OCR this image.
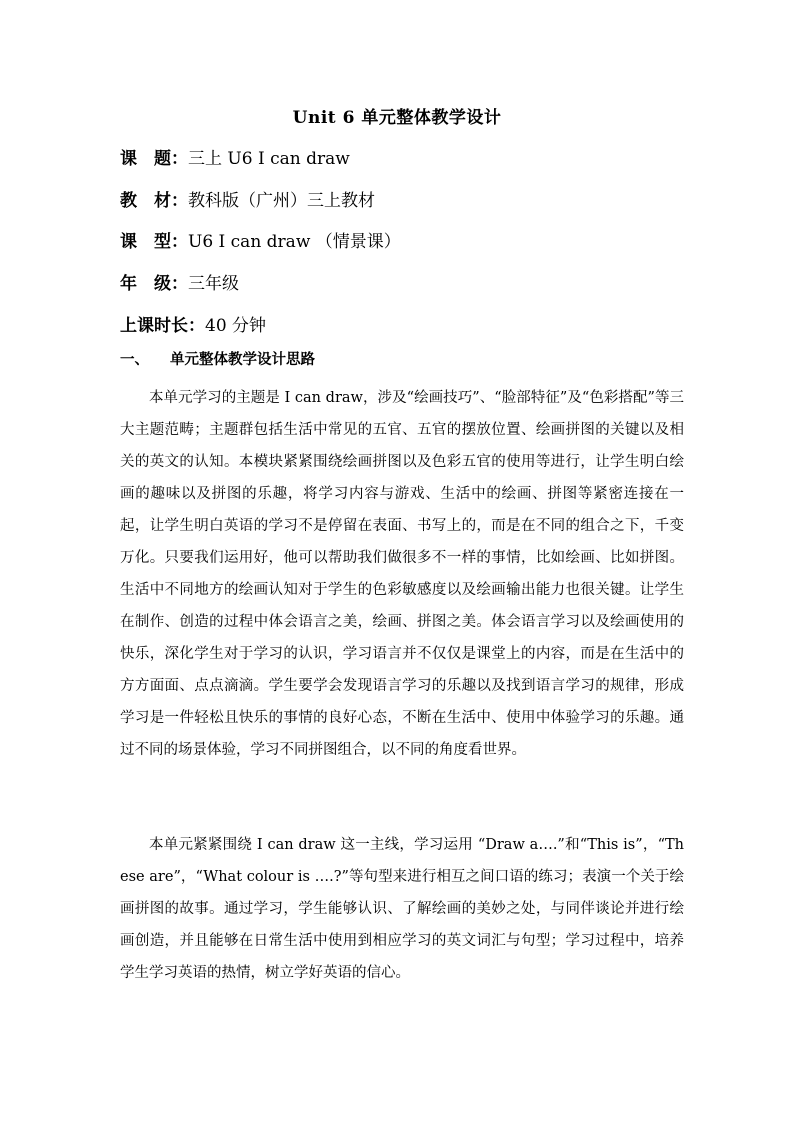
Unit 6 单元整体教学设计
课　题：三上 U6 I can draw
教　材：教科版（广州）三上教材
课　型：U6 I can draw （情景课）
年　级：三年级
上课时长：40 分钟
一、 单元整体教学设计思路

本单元学习的主题是 I can draw，涉及“绘画技巧”、“脸部特征”及“色彩搭配”等三大主题范畴；主题群包括生活中常见的五官、五官的摆放位置、绘画拼图的关键以及相关的英文的认知。本模块紧紧围绕绘画拼图以及色彩五官的使用等进行，让学生明白绘画的趣味以及拼图的乐趣，将学习内容与游戏、生活中的绘画、拼图等紧密连接在一起，让学生明白英语的学习不是停留在表面、书写上的，而是在不同的组合之下，千变万化。只要我们运用好，他可以帮助我们做很多不一样的事情，比如绘画、比如拼图。生活中不同地方的绘画认知对于学生的色彩敏感度以及绘画输出能力也很关键。让学生在制作、创造的过程中体会语言之美，绘画、拼图之美。体会语言学习以及绘画使用的快乐，深化学生对于学习的认识，学习语言并不仅仅是课堂上的内容，而是在生活中的方方面面、点点滴滴。学生要学会发现语言学习的乐趣以及找到语言学习的规律，形成学习是一件轻松且快乐的事情的良好心态，不断在生活中、使用中体验学习的乐趣。通过不同的场景体验，学习不同拼图组合，以不同的角度看世界。

本单元紧紧围绕 I can draw 这一主线，学习运用 “Draw a….”和“This is”，“These are”，“What colour is ….?”等句型来进行相互之间口语的练习；表演一个关于绘画拼图的故事。通过学习，学生能够认识、了解绘画的美妙之处，与同伴谈论并进行绘画创造，并且能够在日常生活中使用到相应学习的英文词汇与句型；学习过程中，培养学生学习英语的热情，树立学好英语的信心。
